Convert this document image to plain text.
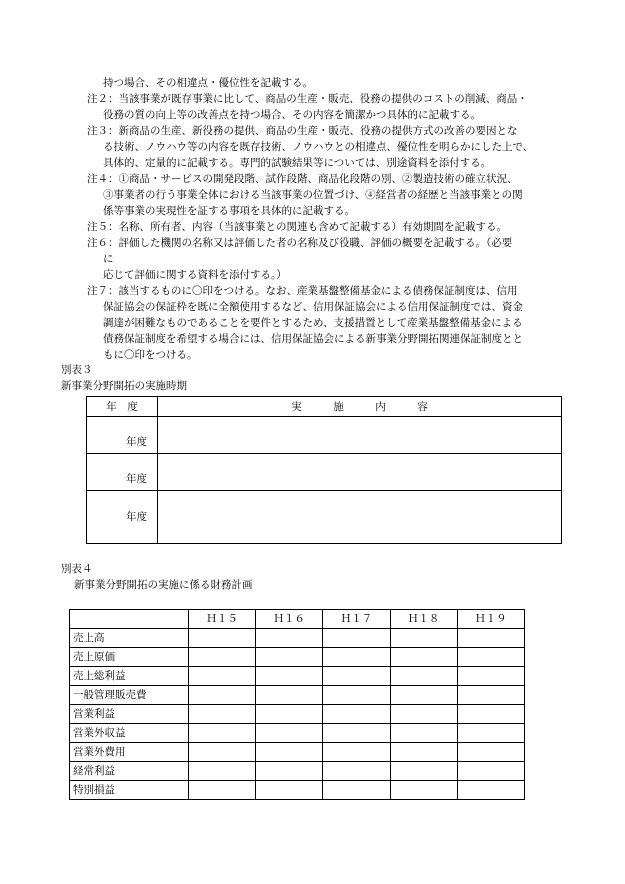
持つ場合、その相違点・優位性を記載する。
注２：当該事業が既存事業に比して、商品の生産・販売、役務の提供のコストの削減、商品・
役務の質の向上等の改善点を持つ場合、その内容を簡潔かつ具体的に記載する。
注３：新商品の生産、新役務の提供、商品の生産・販売、役務の提供方式の改善の要因とな
る技術、ノウハウ等の内容を既存技術、ノウハウとの相違点、優位性を明らかにした上で、
具体的、定量的に記載する。専門的試験結果等については、別途資料を添付する。
注４：①商品・サービスの開発段階、試作段階、商品化段階の別、②製造技術の確立状況、
③事業者の行う事業全体における当該事業の位置づけ、④経営者の経歴と当該事業との関
係等事業の実現性を証する事項を具体的に記載する。
注５：名称、所有者、内容（当該事業との関連も含めて記載する）有効期間を記載する。
注６：評価した機関の名称又は評価した者の名称及び役職、評価の概要を記載する。（必要
に
応じて評価に関する資料を添付する。）
注７：該当するものに〇印をつける。なお、産業基盤整備基金による債務保証制度は、信用
保証協会の保証枠を既に全額使用するなど、信用保証協会による信用保証制度では、資金
調達が困難なものであることを要件とするため、支援措置として産業基盤整備基金による
債務保証制度を希望する場合には、信用保証協会による新事業分野開拓関連保証制度とと
もに〇印をつける。
別表３
新事業分野開拓の実施時期
年　度	実　　　施　　　内　　　容
年度	
年度	
年度	
別表４
新事業分野開拓の実施に係る財務計画
	Ｈ１５	Ｈ１６	Ｈ１７	Ｈ１８	Ｈ１９
売上高					
売上原価					
売上総利益					
一般管理販売費					
営業利益					
営業外収益					
営業外費用					
経常利益					
特別損益					
